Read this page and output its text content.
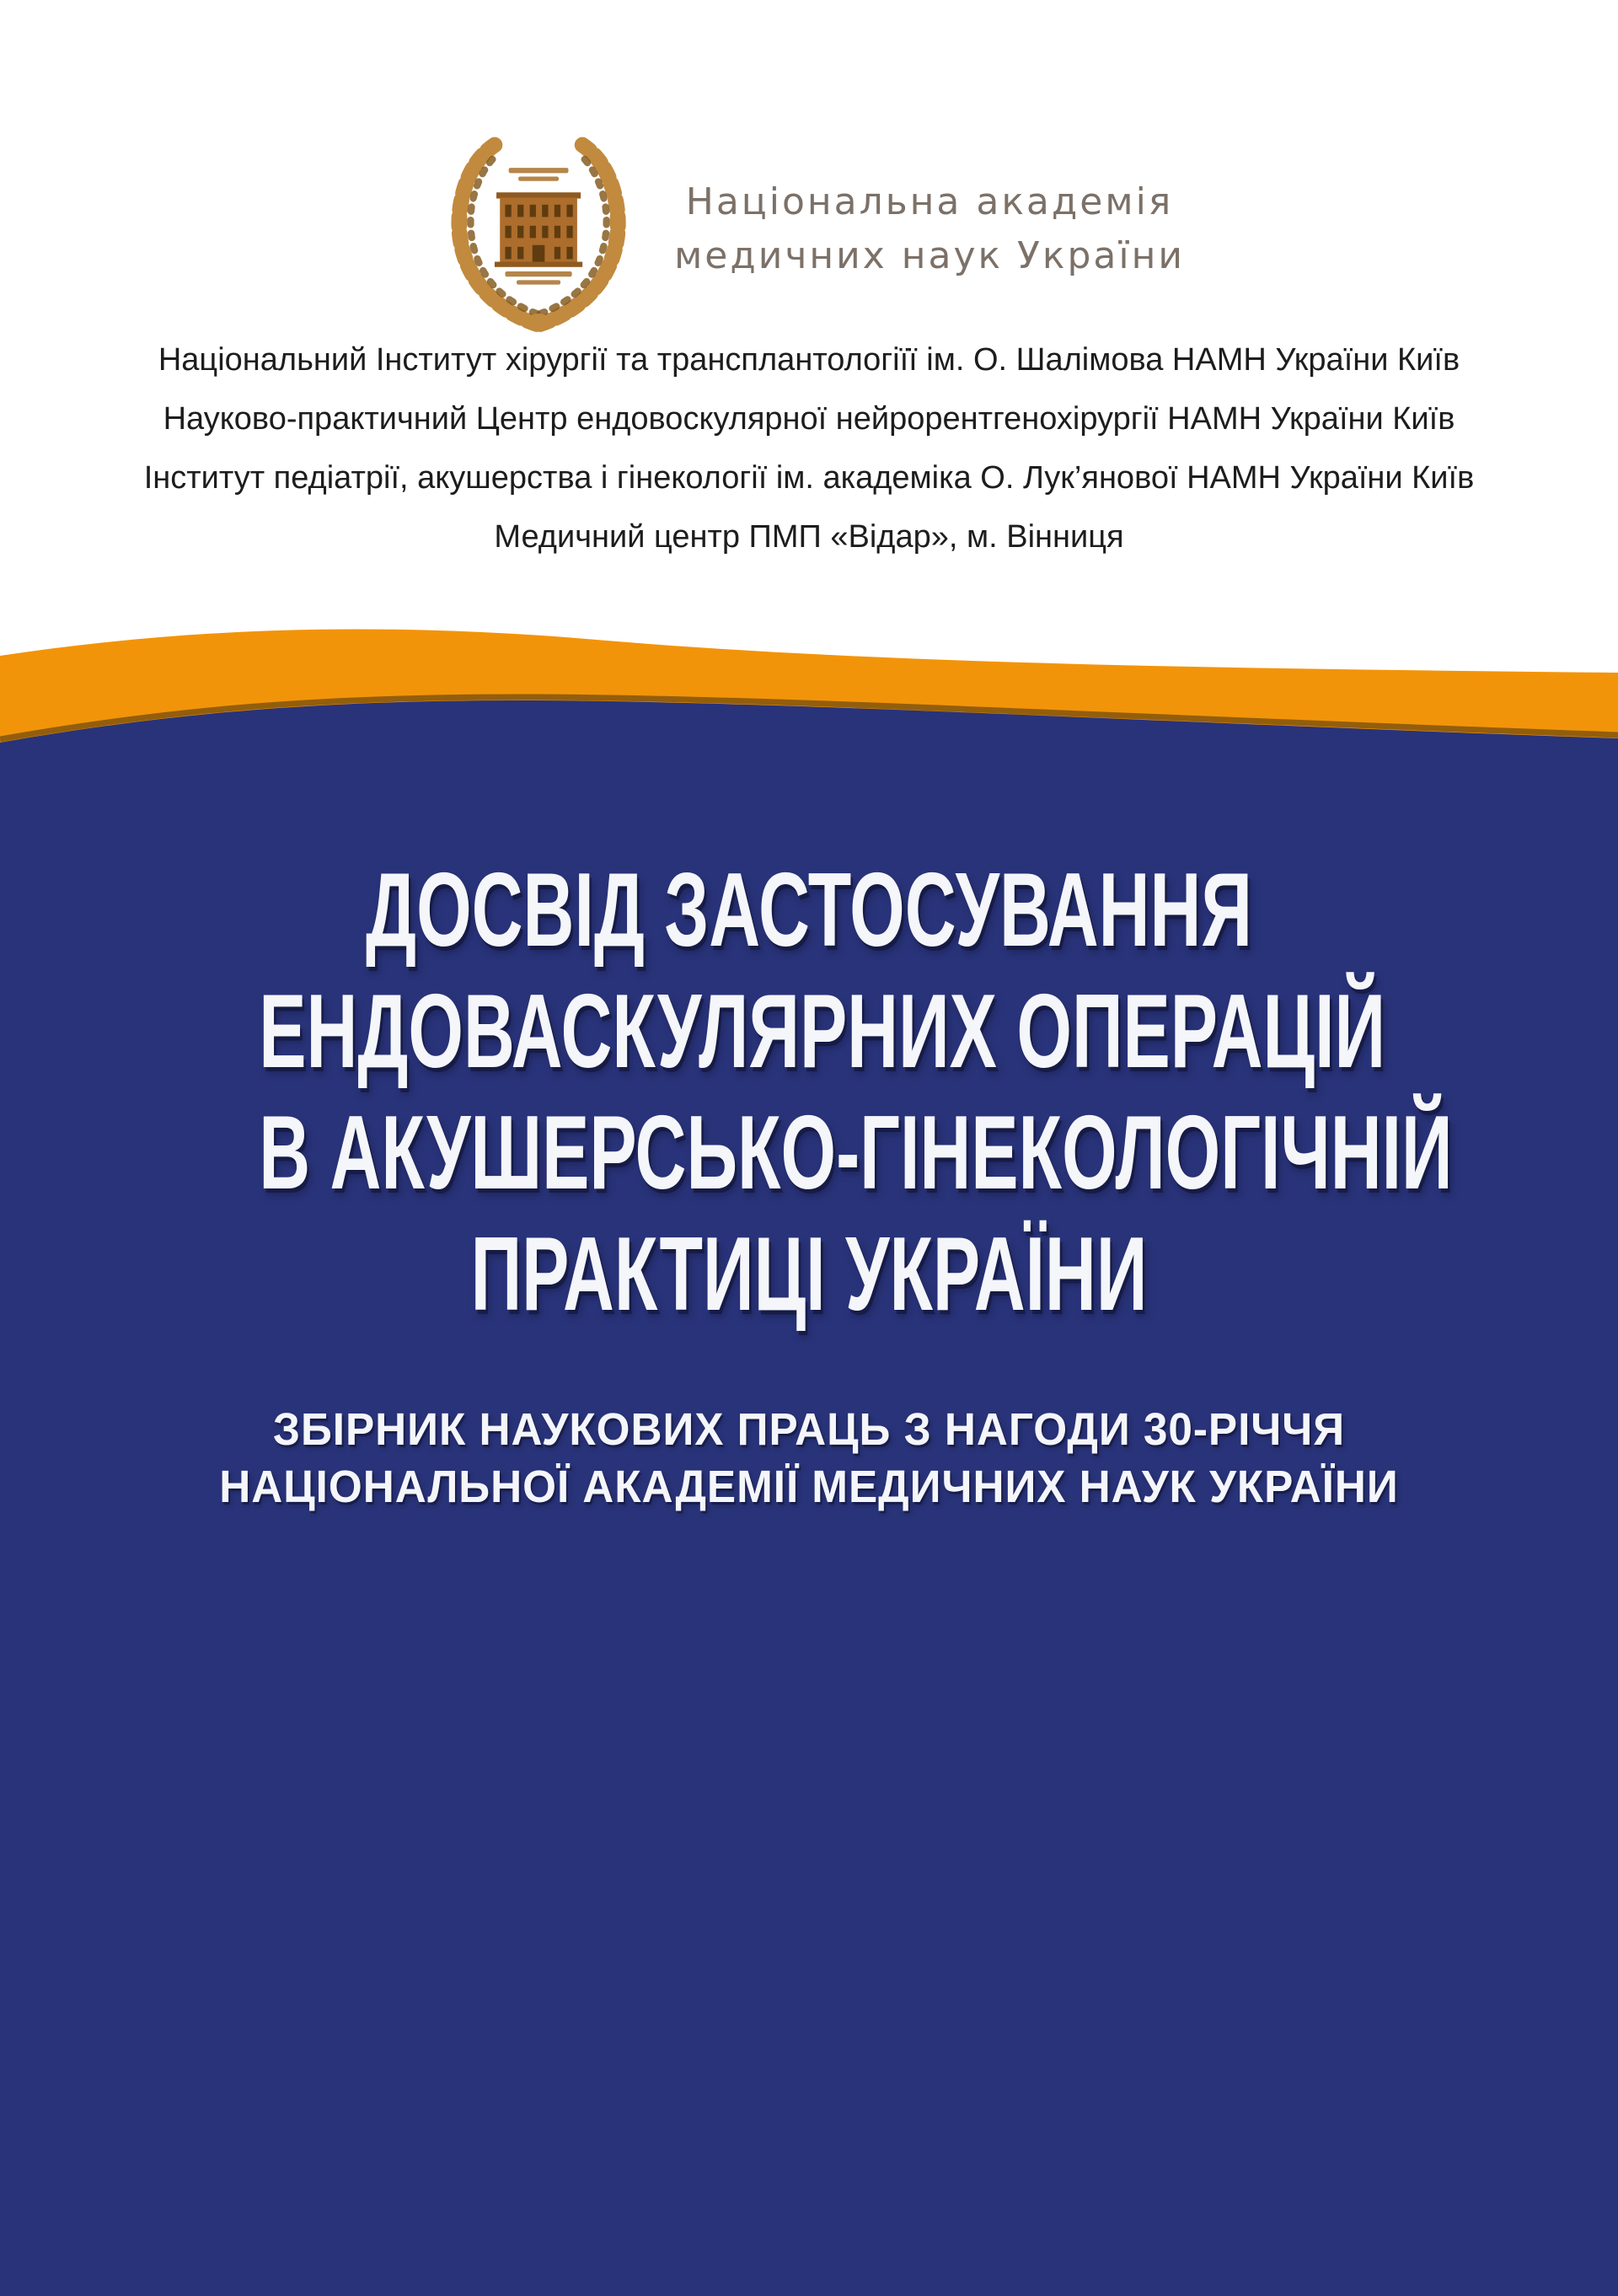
Національна академія
медичних наук України
Національний Інститут хірургії та трансплантологіїї ім. О. Шалімова НАМН України Київ
Науково-практичний Центр ендовоскулярної нейрорентгенохірургії НАМН України Київ
Інститут педіатрії, акушерства і гінекології ім. академіка О. Лук’янової НАМН України Київ
Медичний центр ПМП «Відар», м. Вінниця
ДОСВІД ЗАСТОСУВАННЯ
ЕНДОВАСКУЛЯРНИХ ОПЕРАЦІЙ
В АКУШЕРСЬКО-ГІНЕКОЛОГІЧНІЙ
ПРАКТИЦІ УКРАЇНИ
ЗБІРНИК НАУКОВИХ ПРАЦЬ З НАГОДИ 30-РІЧЧЯ
НАЦІОНАЛЬНОЇ АКАДЕМІЇ МЕДИЧНИХ НАУК УКРАЇНИ
